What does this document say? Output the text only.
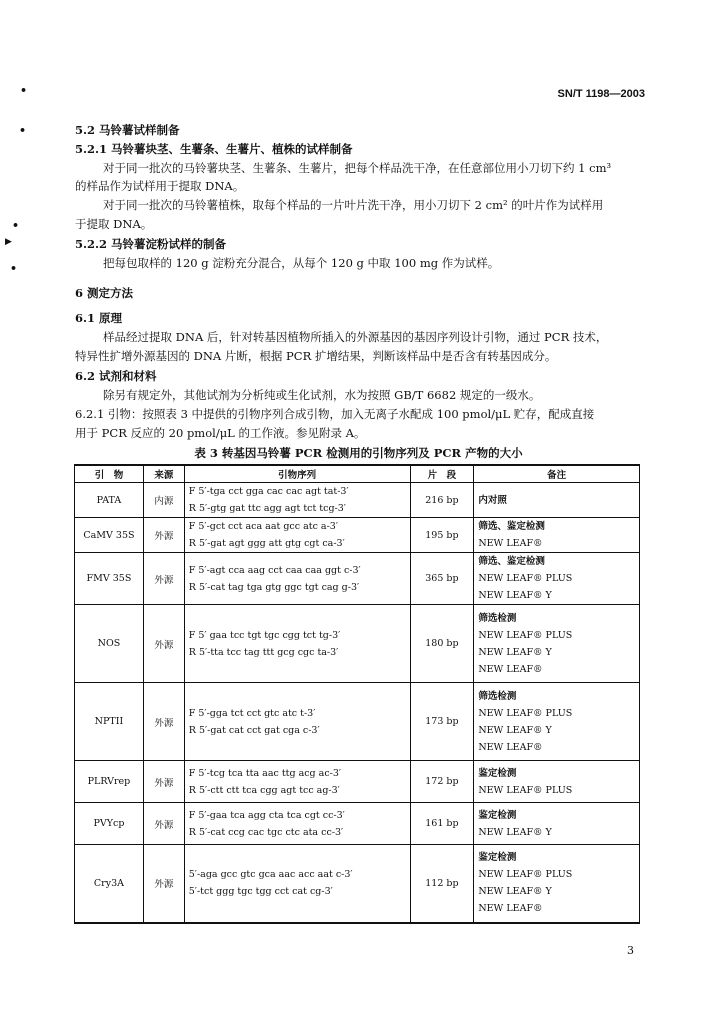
SN/T 1198—2003
•
•
•
▶
•
5.2 马铃薯试样制备
5.2.1 马铃薯块茎、生薯条、生薯片、植株的试样制备
对于同一批次的马铃薯块茎、生薯条、生薯片，把每个样品洗干净，在任意部位用小刀切下约 1 cm³
的样品作为试样用于提取 DNA。
对于同一批次的马铃薯植株，取每个样品的一片叶片洗干净，用小刀切下 2 cm² 的叶片作为试样用
于提取 DNA。
5.2.2 马铃薯淀粉试样的制备
把每包取样的 120 g 淀粉充分混合，从每个 120 g 中取 100 mg 作为试样。
6 测定方法
6.1 原理
样品经过提取 DNA 后，针对转基因植物所插入的外源基因的基因序列设计引物，通过 PCR 技术，
特异性扩增外源基因的 DNA 片断，根据 PCR 扩增结果，判断该样品中是否含有转基因成分。
6.2 试剂和材料
除另有规定外，其他试剂为分析纯或生化试剂，水为按照 GB/T 6682 规定的一级水。
6.2.1 引物：按照表 3 中提供的引物序列合成引物，加入无离子水配成 100 pmol/μL 贮存，配成直接
用于 PCR 反应的 20 pmol/μL 的工作液。参见附录 A。
表 3 转基因马铃薯 PCR 检测用的引物序列及 PCR 产物的大小
引　物	来源	引物序列	片　段	备注
PATA	内源	F 5′-tga cct gga cac cac agt tat-3′
R 5′-gtg gat ttc agg agt tct tcg-3′	216 bp	内对照

CaMV 35S	外源	F 5′-gct cct aca aat gcc atc a-3′
R 5′-gat agt ggg att gtg cgt ca-3′	195 bp	筛选、鉴定检测
NEW LEAF®

FMV 35S	外源	F 5′-agt cca aag cct caa caa ggt c-3′
R 5′-cat tag tga gtg ggc tgt cag g-3′	365 bp	筛选、鉴定检测
NEW LEAF® PLUS
NEW LEAF® Y

NOS	外源	F 5′ gaa tcc tgt tgc cgg tct tg-3′
R 5′-tta tcc tag ttt gcg cgc ta-3′	180 bp	筛选检测
NEW LEAF® PLUS
NEW LEAF® Y
NEW LEAF®

NPTII	外源	F 5′-gga tct cct gtc atc t-3′
R 5′-gat cat cct gat cga c-3′	173 bp	筛选检测
NEW LEAF® PLUS
NEW LEAF® Y
NEW LEAF®

PLRVrep	外源	F 5′-tcg tca tta aac ttg acg ac-3′
R 5′-ctt ctt tca cgg agt tcc ag-3′	172 bp	鉴定检测
NEW LEAF® PLUS

PVYcp	外源	F 5′-gaa tca agg cta tca cgt cc-3′
R 5′-cat ccg cac tgc ctc ata cc-3′	161 bp	鉴定检测
NEW LEAF® Y

Cry3A	外源	5′-aga gcc gtc gca aac acc aat c-3′
5′-tct ggg tgc tgg cct cat cg-3′	112 bp	鉴定检测
NEW LEAF® PLUS
NEW LEAF® Y
NEW LEAF®
3
